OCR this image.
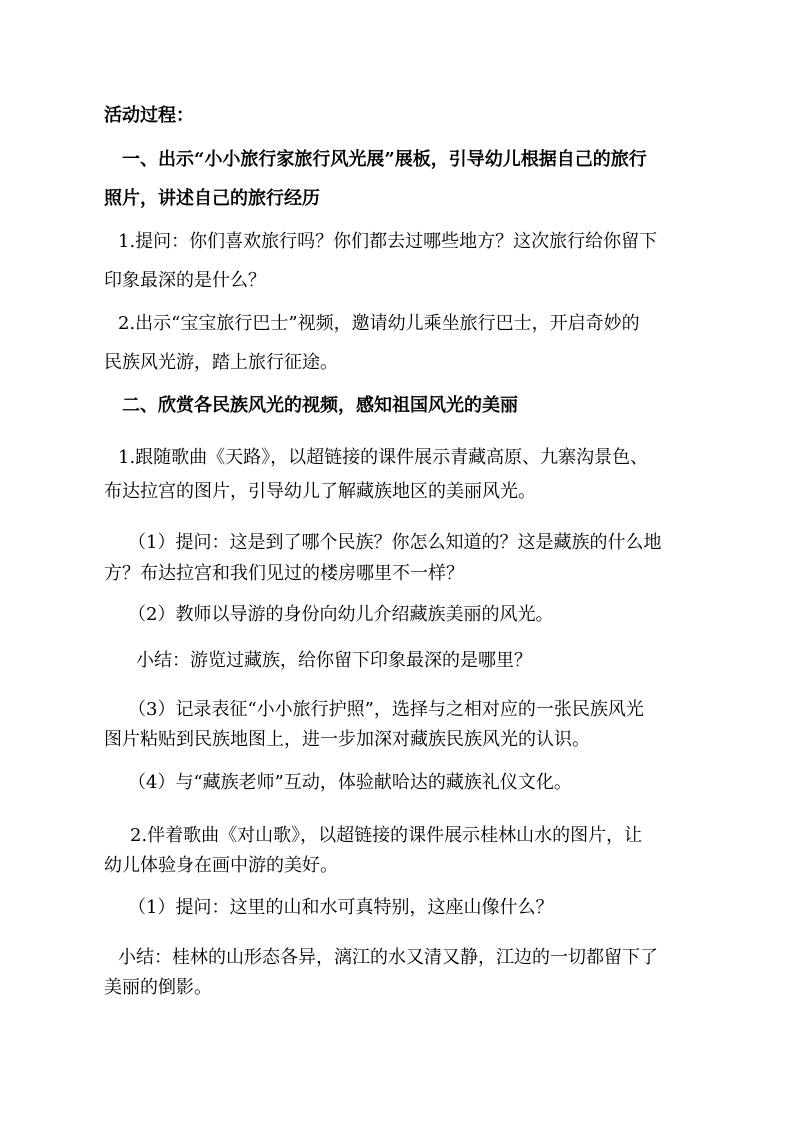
活动过程：

一、出示“小小旅行家旅行风光展”展板，引导幼儿根据自己的旅行

照片，讲述自己的旅行经历

1.提问：你们喜欢旅行吗？你们都去过哪些地方？这次旅行给你留下

印象最深的是什么？

2.出示“宝宝旅行巴士”视频，邀请幼儿乘坐旅行巴士，开启奇妙的

民族风光游，踏上旅行征途。

二、欣赏各民族风光的视频，感知祖国风光的美丽

1.跟随歌曲《天路》，以超链接的课件展示青藏高原、九寨沟景色、

布达拉宫的图片，引导幼儿了解藏族地区的美丽风光。

（1）提问：这是到了哪个民族？你怎么知道的？这是藏族的什么地

方？布达拉宫和我们见过的楼房哪里不一样？

（2）教师以导游的身份向幼儿介绍藏族美丽的风光。

小结：游览过藏族，给你留下印象最深的是哪里？

（3）记录表征“小小旅行护照”，选择与之相对应的一张民族风光

图片粘贴到民族地图上，进一步加深对藏族民族风光的认识。

（4）与“藏族老师”互动，体验献哈达的藏族礼仪文化。

2.伴着歌曲《对山歌》，以超链接的课件展示桂林山水的图片，让

幼儿体验身在画中游的美好。

（1）提问：这里的山和水可真特别，这座山像什么？

小结：桂林的山形态各异，漓江的水又清又静，江边的一切都留下了

美丽的倒影。
